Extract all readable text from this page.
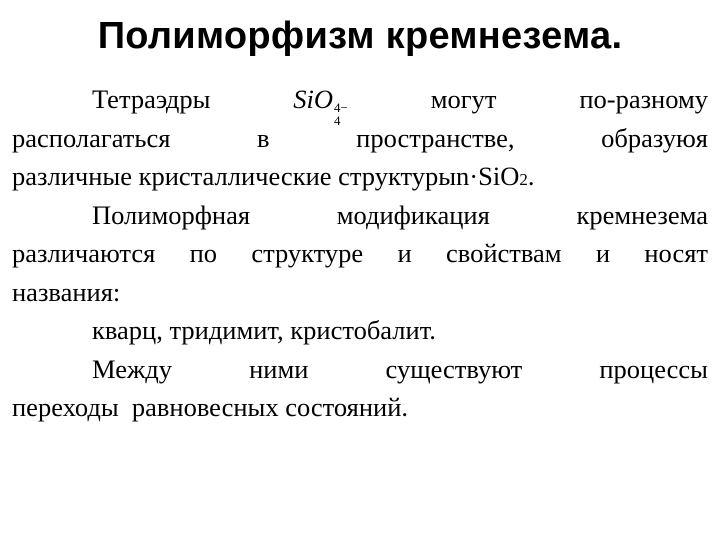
Полиморфизм кремнезема.
Тетраэдры	SiO 4−
4
могут	по-разному
располагаться	в	пространстве,	образуюя
различные кристаллические структурыn·SiO 2 .
Полиморфная	модификация	кремнезема
различаются по структуре и свойствам и носят
названия:
кварц, тридимит, кристобалит.
Между	ними	существуют	процессы
переходы  равновесных состояний.
